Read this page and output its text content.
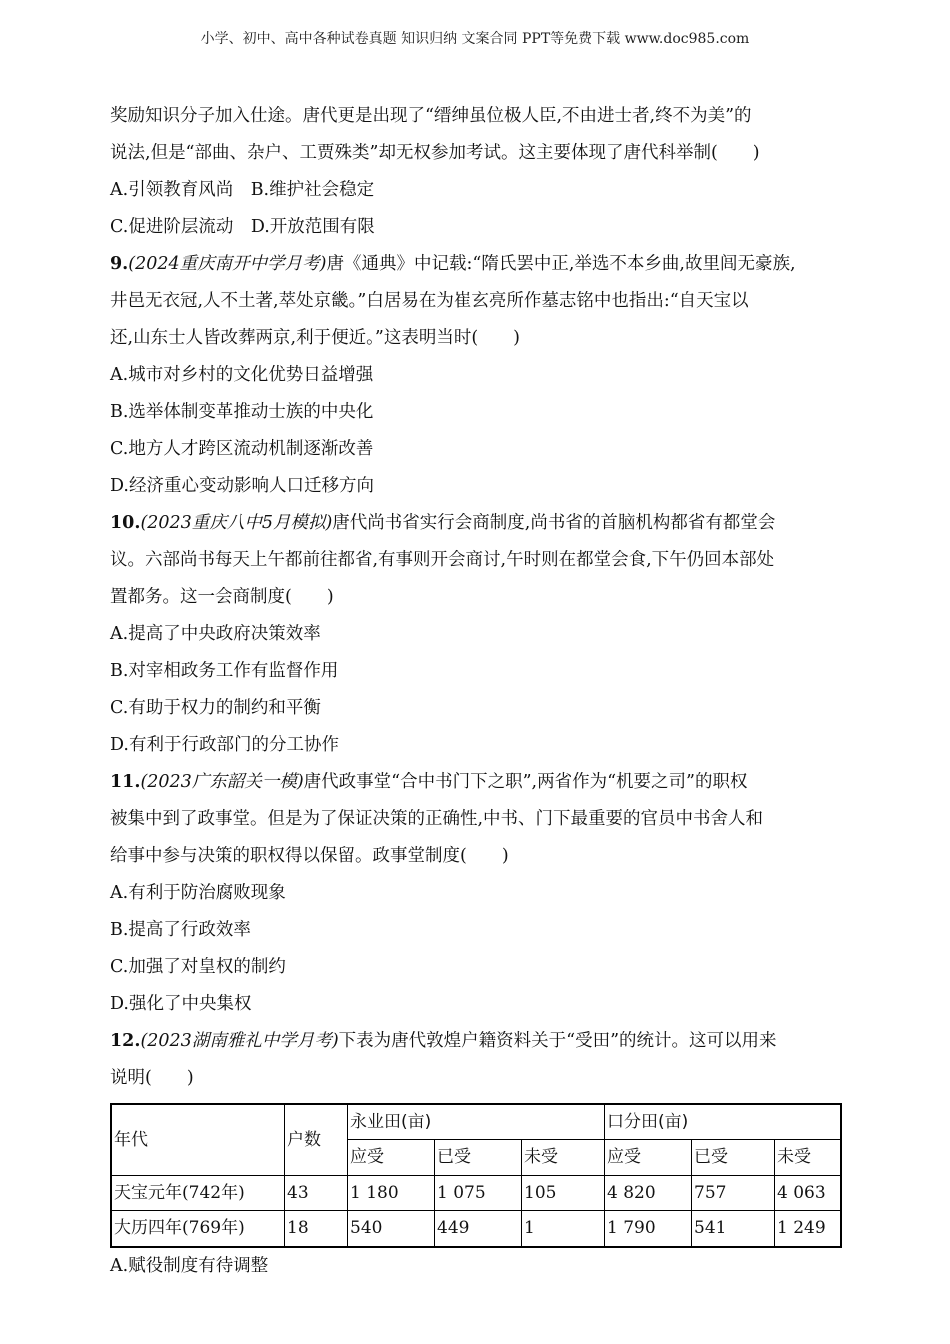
小学、初中、高中各种试卷真题 知识归纳 文案合同 PPT等免费下载 www.doc985.com

奖励知识分子加入仕途。唐代更是出现了“缙绅虽位极人臣,不由进士者,终不为美”的

说法,但是“部曲、杂户、工贾殊类”却无权参加考试。这主要体现了唐代科举制(　　)

A.引领教育风尚　B.维护社会稳定

C.促进阶层流动　D.开放范围有限

9.(2024重庆南开中学月考)唐《通典》中记载:“隋氏罢中正,举选不本乡曲,故里闾无豪族,

井邑无衣冠,人不土著,萃处京畿。”白居易在为崔玄亮所作墓志铭中也指出:“自天宝以

还,山东士人皆改葬两京,利于便近。”这表明当时(　　)

A.城市对乡村的文化优势日益增强

B.选举体制变革推动士族的中央化

C.地方人才跨区流动机制逐渐改善

D.经济重心变动影响人口迁移方向

10.(2023重庆八中5月模拟)唐代尚书省实行会商制度,尚书省的首脑机构都省有都堂会

议。六部尚书每天上午都前往都省,有事则开会商讨,午时则在都堂会食,下午仍回本部处

置都务。这一会商制度(　　)

A.提高了中央政府决策效率

B.对宰相政务工作有监督作用

C.有助于权力的制约和平衡

D.有利于行政部门的分工协作

11.(2023广东韶关一模)唐代政事堂“合中书门下之职”,两省作为“机要之司”的职权

被集中到了政事堂。但是为了保证决策的正确性,中书、门下最重要的官员中书舍人和

给事中参与决策的职权得以保留。政事堂制度(　　)

A.有利于防治腐败现象

B.提高了行政效率

C.加强了对皇权的制约

D.强化了中央集权

12.(2023湖南雅礼中学月考)下表为唐代敦煌户籍资料关于“受田”的统计。这可以用来

说明(　　)

年代	户数	永业田(亩)			口分田(亩)		
		应受	已受	未受	应受	已受	未受
天宝元年(742年)	43	1 180	1 075	105	4 820	757	4 063
大历四年(769年)	18	540	449	1	1 790	541	1 249

A.赋役制度有待调整
